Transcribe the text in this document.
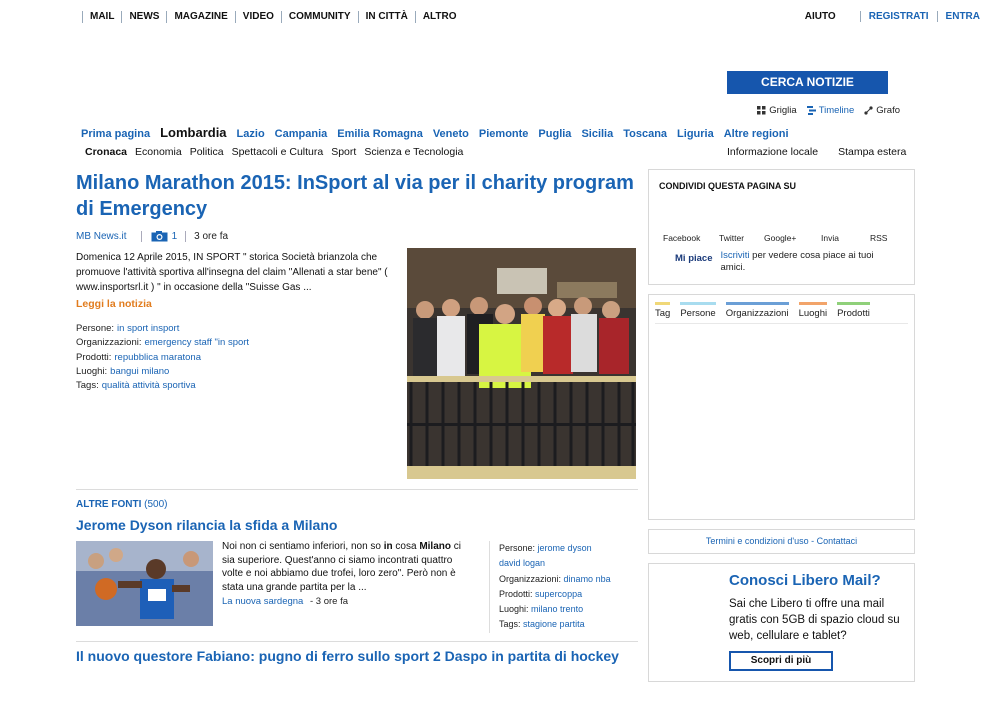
MAIL	NEWS	MAGAZINE	VIDEO	COMMUNITY	IN CITTÀ	ALTRO	AIUTO	REGISTRATI	ENTRA
CERCA NOTIZIE
Griglia Timeline Grafo
Prima pagina Lombardia Lazio Campania Emilia Romagna Veneto Piemonte Puglia Sicilia Toscana Liguria Altre regioni
Cronaca Economia Politica Spettacoli e Cultura Sport Scienza e Tecnologia	Informazione locale Stampa estera
Milano Marathon 2015: InSport al via per il charity program di Emergency
MB News.it	1	3 ore fa
Domenica 12 Aprile 2015, IN SPORT " storica Società brianzola che promuove l'attività sportiva all'insegna del claim "Allenati a star bene" ( www.insportsrl.it ) " in occasione della "Suisse Gas ...
Leggi la notizia
Persone: in sport insport
Organizzazioni: emergency staff "in sport
Prodotti: repubblica maratona
Luoghi: bangui milano
Tags: qualità attività sportiva
ALTRE FONTI (500)
Jerome Dyson rilancia la sfida a Milano
Noi non ci sentiamo inferiori, non so in cosa Milano ci sia superiore. Quest'anno ci siamo incontrati quattro volte e noi abbiamo due trofei, loro zero". Però non è stata una grande partita per la ...
La nuova sardegna - 3 ore fa
Persone: jerome dyson
david logan
Organizzazioni: dinamo nba
Prodotti: supercoppa
Luoghi: milano trento
Tags: stagione partita
Il nuovo questore Fabiano: pugno di ferro sullo sport 2 Daspo in partita di hockey
CONDIVIDI QUESTA PAGINA SU
Facebook	Twitter	Google+	Invia	RSS
Mi piace Iscriviti per vedere cosa piace ai tuoi amici.
Tag Persone Organizzazioni Luoghi Prodotti
Termini e condizioni d'uso - Contattaci
Conosci Libero Mail?
Sai che Libero ti offre una mail gratis con 5GB di spazio cloud su web, cellulare e tablet?
Scopri di più
